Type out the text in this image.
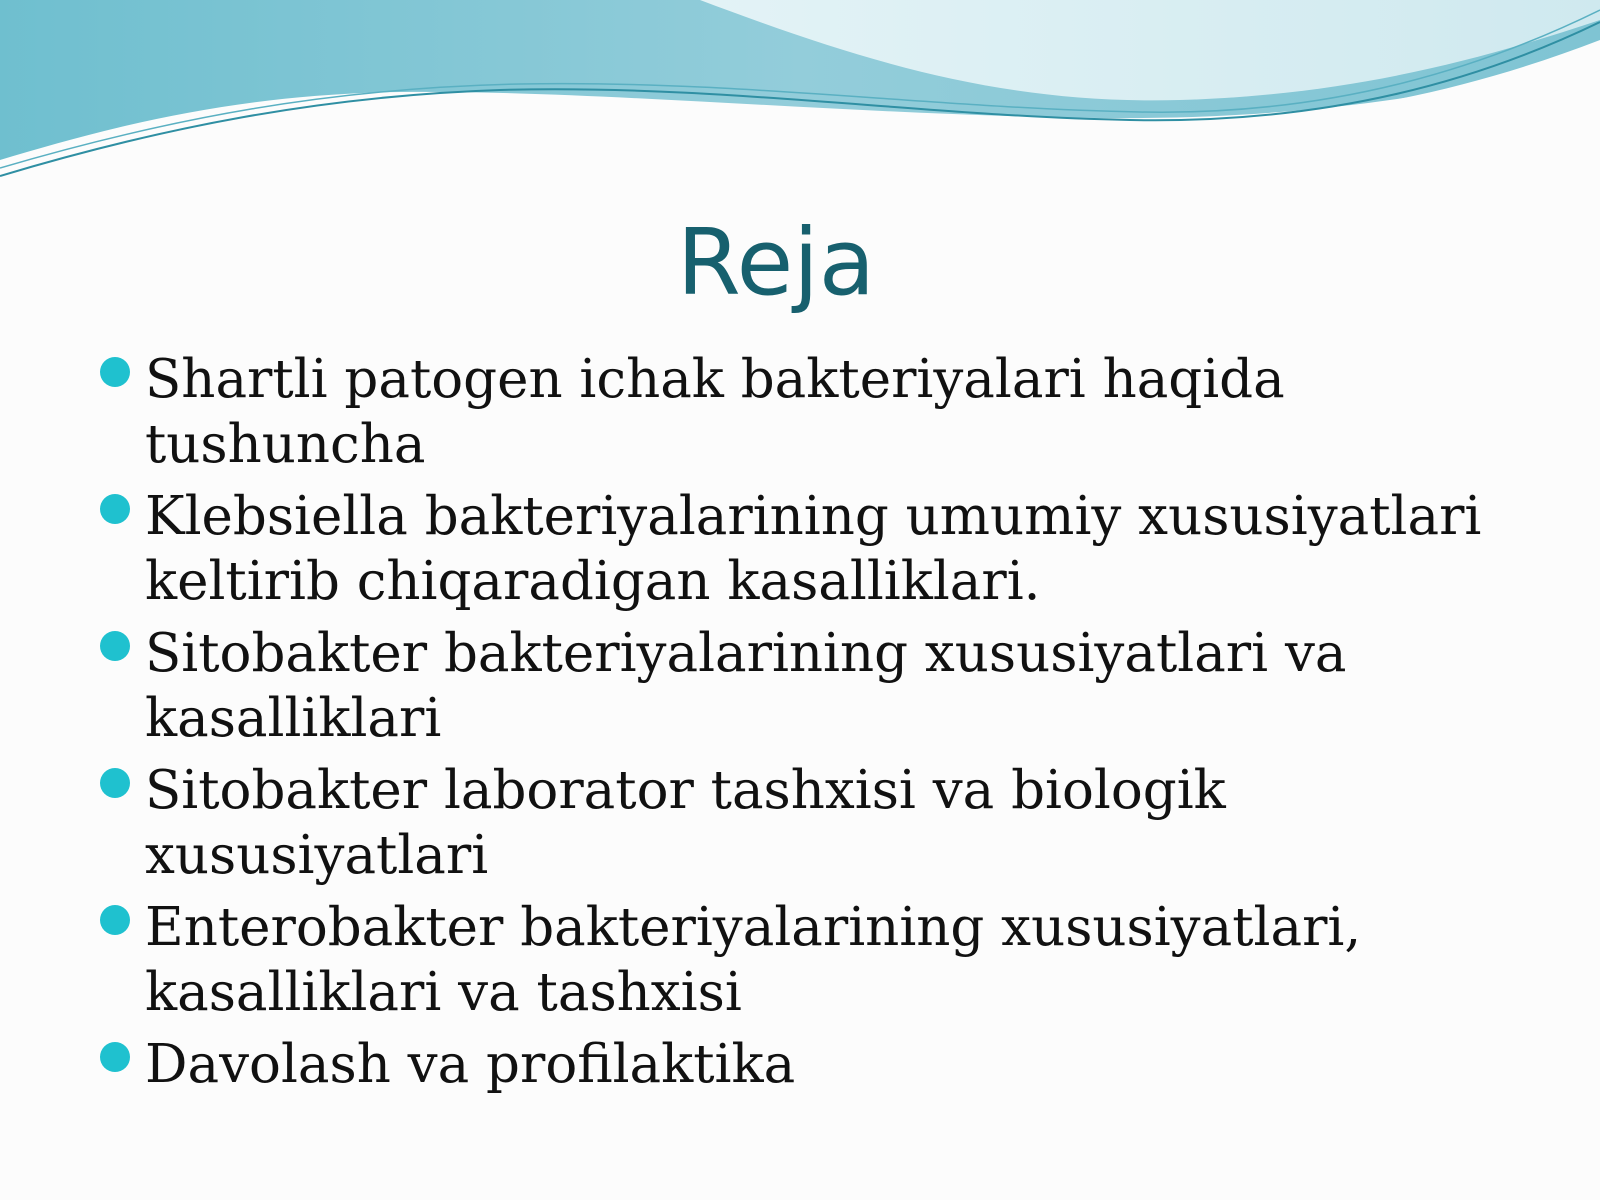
Reja
Shartli patogen ichak bakteriyalari haqida tushuncha
Klebsiella bakteriyalarining umumiy xususiyatlari keltirib chiqaradigan kasalliklari.
Sitobakter bakteriyalarining xususiyatlari va kasalliklari
Sitobakter laborator tashxisi va biologik xususiyatlari
Enterobakter bakteriyalarining xususiyatlari, kasalliklari va tashxisi
Davolash va profilaktika
